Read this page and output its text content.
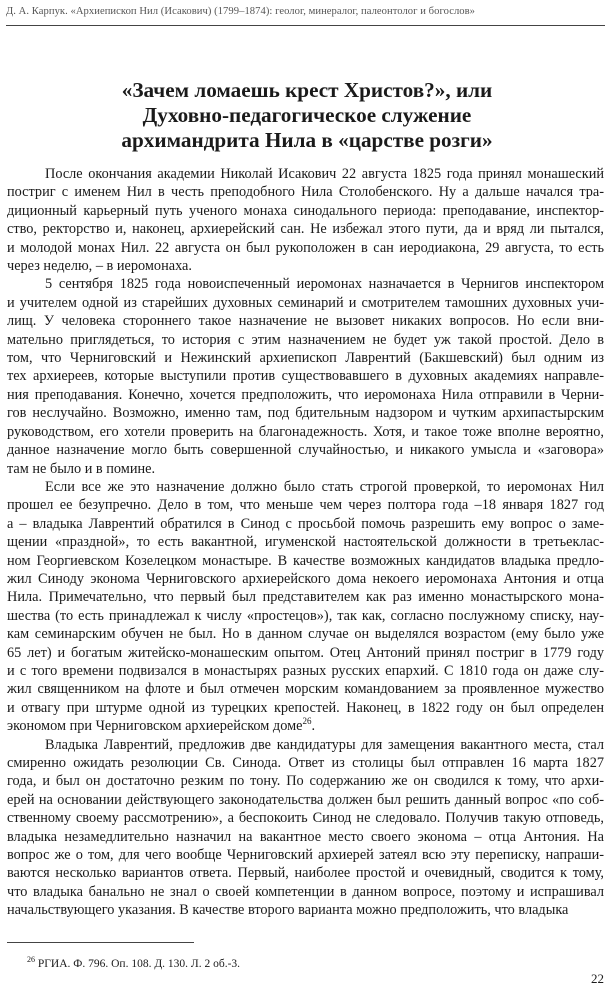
Д. А. Карпук. «Архиепископ Нил (Исакович) (1799–1874): геолог, минералог, палеонтолог и богослов»
«Зачем ломаешь крест Христов?», или
Духовно-педагогическое служение
архимандрита Нила в «царстве розги»

После окончания академии Николай Исакович 22 августа 1825 года принял монашеский
постриг с именем Нил в честь преподобного Нила Столобенского. Ну а дальше начался тра-
диционный карьерный путь ученого монаха синодального периода: преподавание, инспектор-
ство, ректорство и, наконец, архиерейский сан. Не избежал этого пути, да и вряд ли пытался,
и молодой монах Нил. 22 августа он был рукоположен в сан иеродиакона, 29 августа, то есть
через неделю, – в иеромонаха.

5 сентября 1825 года новоиспеченный иеромонах назначается в Чернигов инспектором
и учителем одной из старейших духовных семинарий и смотрителем тамошних духовных учи-
лищ. У человека стороннего такое назначение не вызовет никаких вопросов. Но если вни-
мательно приглядеться, то история с этим назначением не будет уж такой простой. Дело в
том, что Черниговский и Нежинский архиепископ Лаврентий (Бакшевский) был одним из
тех архиереев, которые выступили против существовавшего в духовных академиях направле-
ния преподавания. Конечно, хочется предположить, что иеромонаха Нила отправили в Черни-
гов неслучайно. Возможно, именно там, под бдительным надзором и чутким архипастырским
руководством, его хотели проверить на благонадежность. Хотя, и такое тоже вполне вероятно,
данное назначение могло быть совершенной случайностью, и никакого умысла и «заговора»
там не было и в помине.

Если все же это назначение должно было стать строгой проверкой, то иеромонах Нил
прошел ее безупречно. Дело в том, что меньше чем через полтора года –18 января 1827 год
а – владыка Лаврентий обратился в Синод с просьбой помочь разрешить ему вопрос о заме-
щении «праздной», то есть вакантной, игуменской настоятельской должности в третьеклас-
ном Георгиевском Козелецком монастыре. В качестве возможных кандидатов владыка предло-
жил Синоду эконома Черниговского архиерейского дома некоего иеромонаха Антония и отца
Нила. Примечательно, что первый был представителем как раз именно монастырского мона-
шества (то есть принадлежал к числу «простецов»), так как, согласно послужному списку, нау-
кам семинарским обучен не был. Но в данном случае он выделялся возрастом (ему было уже
65 лет) и богатым житейско-монашеским опытом. Отец Антоний принял постриг в 1779 году
и с того времени подвизался в монастырях разных русских епархий. С 1810 года он даже слу-
жил священником на флоте и был отмечен морским командованием за проявленное мужество
и отвагу при штурме одной из турецких крепостей. Наконец, в 1822 году он был определен
экономом при Черниговском архиерейском доме$^{26}$.

Владыка Лаврентий, предложив две кандидатуры для замещения вакантного места, стал
смиренно ожидать резолюции Св. Синода. Ответ из столицы был отправлен 16 марта 1827
года, и был он достаточно резким по тону. По содержанию же он сводился к тому, что архи-
ерей на основании действующего законодательства должен был решить данный вопрос «по соб-
ственному своему рассмотрению», а беспокоить Синод не следовало. Получив такую отповедь,
владыка незамедлительно назначил на вакантное место своего эконома – отца Антония. На
вопрос же о том, для чего вообще Черниговский архиерей затеял всю эту переписку, напраши-
ваются несколько вариантов ответа. Первый, наиболее простой и очевидный, сводится к тому,
что владыка банально не знал о своей компетенции в данном вопросе, поэтому и испрашивал
начальствующего указания. В качестве второго варианта можно предположить, что владыка

$^{26}$ РГИА. Ф. 796. Оп. 108. Д. 130. Л. 2 об.-3.
22
